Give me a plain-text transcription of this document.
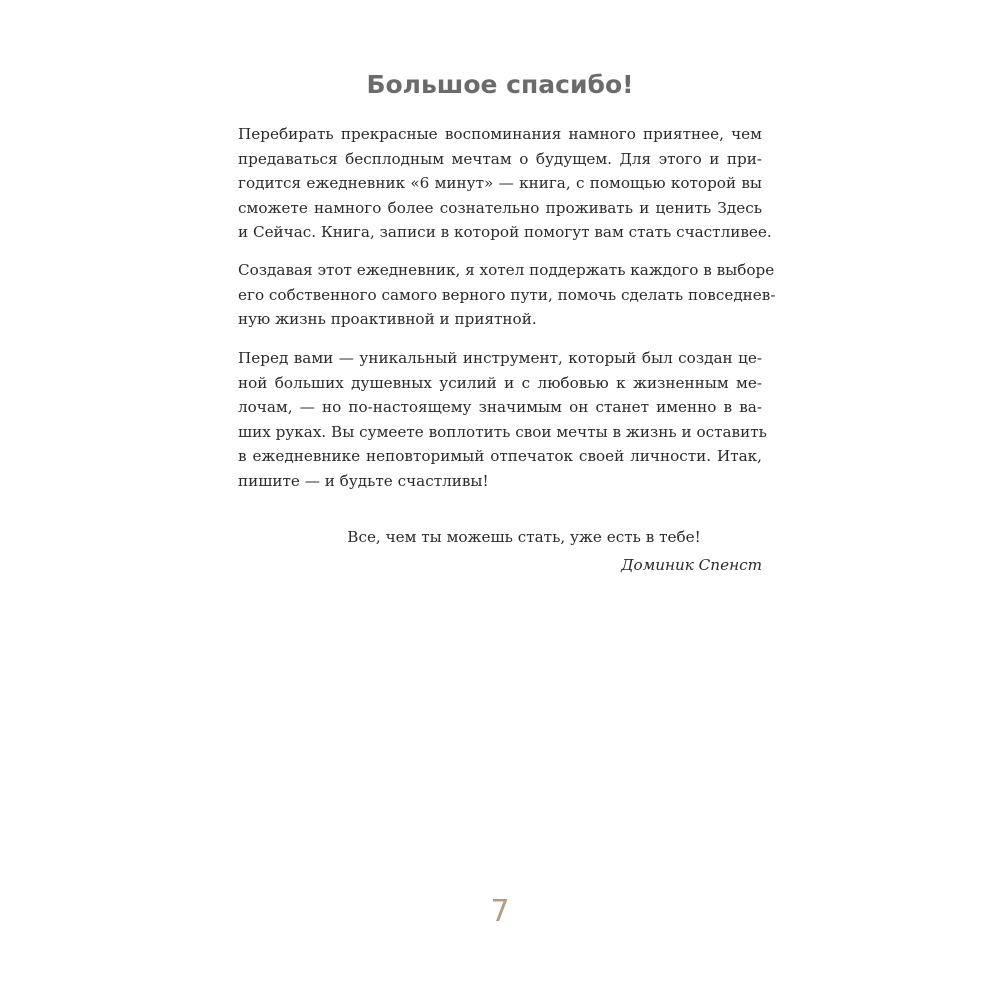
Большое спасибо!
Перебирать прекрасные воспоминания намного приятнее, чем
предаваться бесплодным мечтам о будущем. Для этого и при-
годится ежедневник «6 минут» — книга, с помощью которой вы
сможете намного более сознательно проживать и ценить Здесь
и Сейчас. Книга, записи в которой помогут вам стать счастливее.
Создавая этот ежедневник, я хотел поддержать каждого в выборе
его собственного самого верного пути, помочь сделать повседнев-
ную жизнь проактивной и приятной.
Перед вами — уникальный инструмент, который был создан це-
ной больших душевных усилий и с любовью к жизненным ме-
лочам, — но по-настоящему значимым он станет именно в ва-
ших руках. Вы сумеете воплотить свои мечты в жизнь и оставить
в ежедневнике неповторимый отпечаток своей личности. Итак,
пишите — и будьте счастливы!
Все, чем ты можешь стать, уже есть в тебе!
Доминик Спенст
7
